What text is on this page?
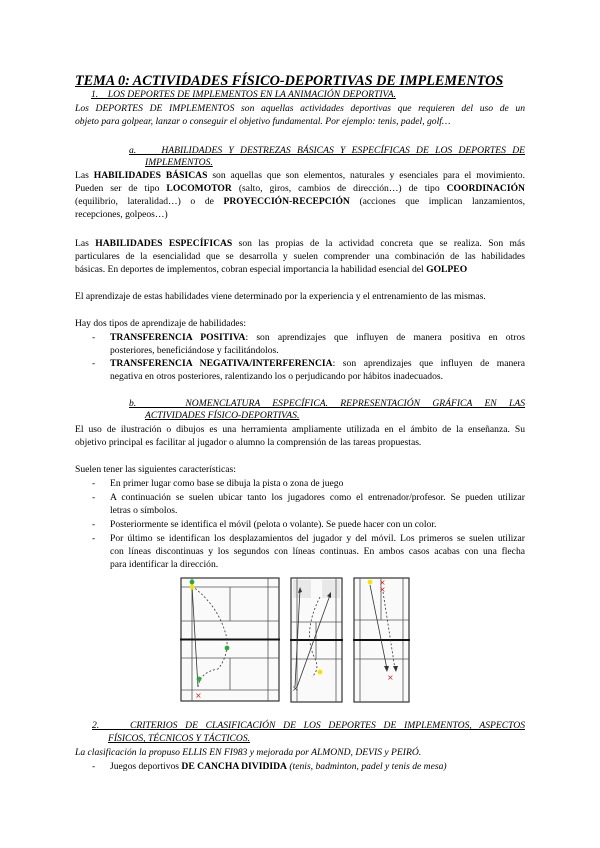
TEMA 0: ACTIVIDADES FÍSICO-DEPORTIVAS DE IMPLEMENTOS
1.    LOS DEPORTES DE IMPLEMENTOS EN LA ANIMACIÓN DEPORTIVA.
Los DEPORTES DE IMPLEMENTOS son aquellas actividades deportivas que requieren del uso de un
objeto para golpear, lanzar o conseguir el objetivo fundamental. Por ejemplo: tenis, padel, golf…
a.    HABILIDADES Y DESTREZAS BÁSICAS Y ESPECÍFICAS DE LOS DEPORTES DE
IMPLEMENTOS.
Las HABILIDADES BÁSICAS son aquellas que son elementos, naturales y esenciales para el movimiento.
Pueden ser de tipo LOCOMOTOR (salto, giros, cambios de dirección…) de tipo COORDINACIÓN
(equilibrio, lateralidad…) o de PROYECCIÓN-RECEPCIÓN (acciones que implican lanzamientos,
recepciones, golpeos…)
Las HABILIDADES ESPECÍFICAS son las propias de la actividad concreta que se realiza. Son más
particulares de la esencialidad que se desarrolla y suelen comprender una combinación de las habilidades
básicas. En deportes de implementos, cobran especial importancia la habilidad esencial del GOLPEO
El aprendizaje de estas habilidades viene determinado por la experiencia y el entrenamiento de las mismas.
Hay dos tipos de aprendizaje de habilidades:
- TRANSFERENCIA POSITIVA: son aprendizajes que influyen de manera positiva en otros
posteriores, beneficiándose y facilitándolos.
- TRANSFERENCIA NEGATIVA/INTERFERENCIA: son aprendizajes que influyen de manera
negativa en otros posteriores, ralentizando los o perjudicando por hábitos inadecuados.
b.    NOMENCLATURA ESPECÍFICA. REPRESENTACIÓN GRÁFICA EN LAS
ACTIVIDADES FÍSICO-DEPORTIVAS.
El uso de ilustración o dibujos es una herramienta ampliamente utilizada en el ámbito de la enseñanza. Su
objetivo principal es facilitar al jugador o alumno la comprensión de las tareas propuestas.
Suelen tener las siguientes características:
- En primer lugar como base se dibuja la pista o zona de juego
- A continuación se suelen ubicar tanto los jugadores como el entrenador/profesor. Se pueden utilizar
letras o símbolos.
- Posteriormente se identifica el móvil (pelota o volante). Se puede hacer con un color.
- Por último se identifican los desplazamientos del jugador y del móvil. Los primeros se suelen utilizar
con líneas discontinuas y los segundos con líneas continuas. En ambos casos acabas con una flecha
para identificar la dirección.
×
×
×
×
×
2.    CRITERIOS DE CLASIFICACIÓN DE LOS DEPORTES DE IMPLEMENTOS, ASPECTOS
FÍSICOS, TÉCNICOS Y TÁCTICOS.
La clasificación la propuso ELLIS EN FI983 y mejorada por ALMOND, DEVIS y PEIRÓ.
- Juegos deportivos DE CANCHA DIVIDIDA (tenis, badminton, padel y tenis de mesa)
